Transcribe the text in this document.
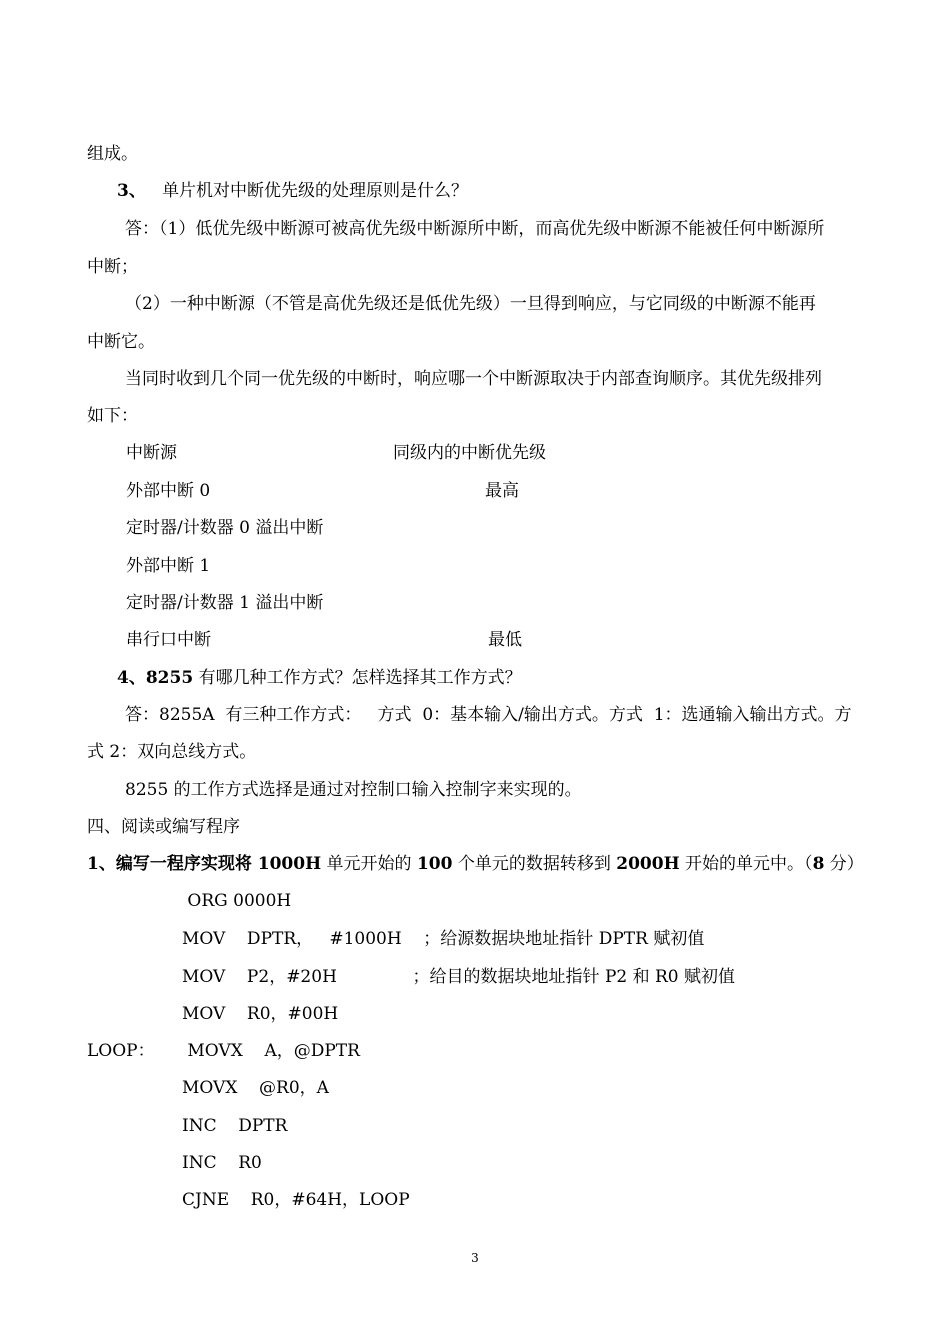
组成。
3、 单片机对中断优先级的处理原则是什么？
答：（1）低优先级中断源可被高优先级中断源所中断，而高优先级中断源不能被任何中断源所
中断；
（2）一种中断源（不管是高优先级还是低优先级）一旦得到响应，与它同级的中断源不能再
中断它。
当同时收到几个同一优先级的中断时，响应哪一个中断源取决于内部查询顺序。其优先级排列
如下：
中断源	同级内的中断优先级
外部中断 0	最高
定时器/计数器 0 溢出中断
外部中断 1
定时器/计数器 1 溢出中断
串行口中断	最低
4、8255 有哪几种工作方式？怎样选择其工作方式？
答：8255A  有三种工作方式：   方式  0：基本输入/输出方式。方式  1：选通输入输出方式。方
式 2：双向总线方式。
8255 的工作方式选择是通过对控制口输入控制字来实现的。
四、阅读或编写程序
1、编写一程序实现将 1000H 单元开始的 100 个单元的数据转移到 2000H 开始的单元中。（8 分）
ORG 0000H
MOV    DPTR，   #1000H    ；给源数据块地址指针 DPTR 赋初值
MOV    P2，#20H              ；给目的数据块地址指针 P2 和 R0 赋初值
MOV    R0，#00H
LOOP： MOVX    A，@DPTR
MOVX    @R0，A
INC    DPTR
INC    R0
CJNE    R0，#64H，LOOP
3
